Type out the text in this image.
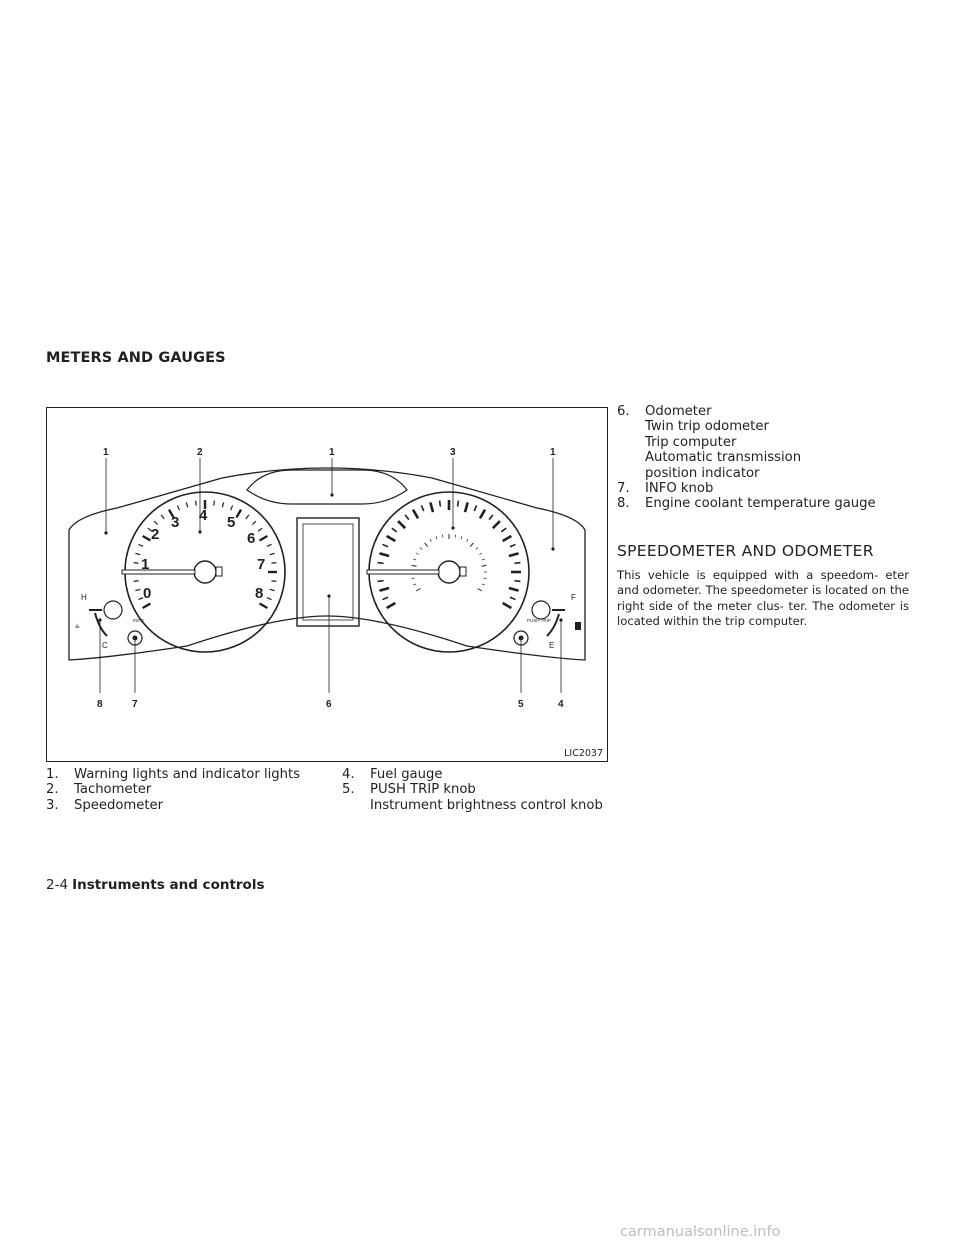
METERS AND GAUGES
0
1
2
3 4 5
6
7
8
H
C
⫨
INFO
F
E
PUSH TRIP
1	2	1	3	1
8	7	6	5	4
LIC2037
1.	Warning lights and indicator lights
2.	Tachometer
3.	Speedometer
4.	Fuel gauge
5.	PUSH TRIP knob
Instrument brightness control knob
6.	Odometer
Twin trip odometer
Trip computer
Automatic transmission
position indicator
7.	INFO knob
8.	Engine coolant temperature gauge
SPEEDOMETER AND ODOMETER
This vehicle is equipped with a speedom- eter and odometer. The speedometer is located on the right side of the meter clus- ter. The odometer is located within the trip computer.
2-4 Instruments and controls
carmanualsonline.info
